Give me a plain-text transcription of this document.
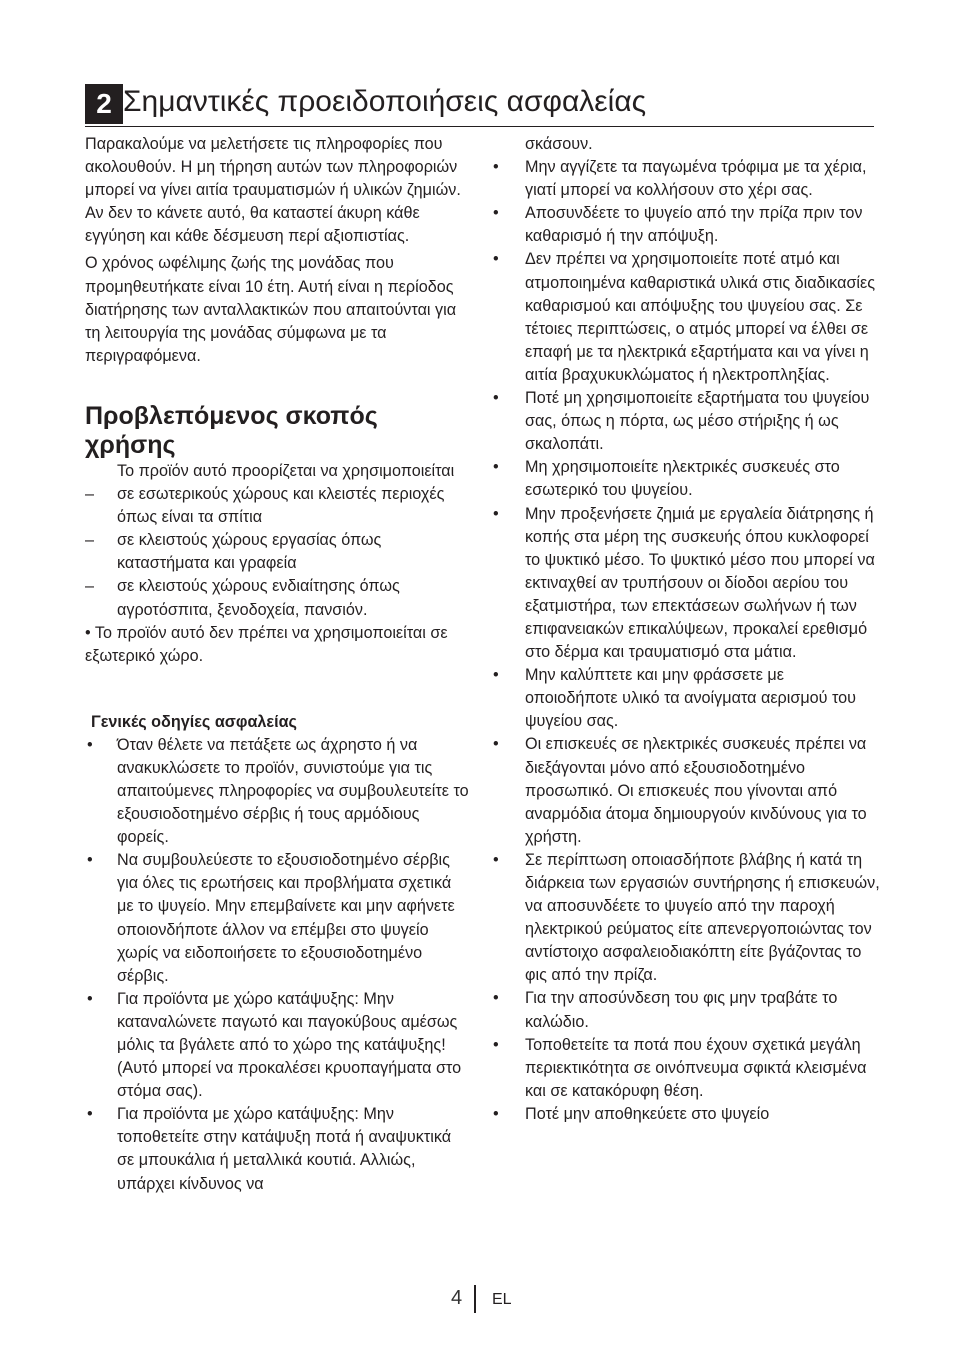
2 Σημαντικές προειδοποιήσεις ασφαλείας

Παρακαλούμε να μελετήσετε τις πληροφορίες που ακολουθούν. Η μη τήρηση αυτών των πληροφοριών μπορεί να γίνει αιτία τραυματισμών ή υλικών ζημιών. Αν δεν το κάνετε αυτό, θα καταστεί άκυρη κάθε εγγύηση και κάθε δέσμευση περί αξιοπιστίας.

Ο χρόνος ωφέλιμης ζωής της μονάδας που προμηθευτήκατε είναι 10 έτη. Αυτή είναι η περίοδος διατήρησης των ανταλλακτικών που απαιτούνται για τη λειτουργία της μονάδας σύμφωνα με τα περιγραφόμενα.

Προβλεπόμενος σκοπός χρήσης
Το προϊόν αυτό προορίζεται να χρησιμοποιείται
– σε εσωτερικούς χώρους και κλειστές περιοχές όπως είναι τα σπίτια
– σε κλειστούς χώρους εργασίας όπως καταστήματα και γραφεία
– σε κλειστούς χώρους ενδιαίτησης όπως αγροτόσπιτα, ξενοδοχεία, πανσιόν.

• Το προϊόν αυτό δεν πρέπει να χρησιμοποιείται σε εξωτερικό χώρο.

Γενικές οδηγίες ασφαλείας
• Όταν θέλετε να πετάξετε ως άχρηστο ή να ανακυκλώσετε το προϊόν, συνιστούμε για τις απαιτούμενες πληροφορίες να συμβουλευτείτε το εξουσιοδοτημένο σέρβις ή τους αρμόδιους φορείς.
• Να συμβουλεύεστε το εξουσιοδοτημένο σέρβις για όλες τις ερωτήσεις και προβλήματα σχετικά με το ψυγείο. Μην επεμβαίνετε και μην αφήνετε οποιονδήποτε άλλον να επέμβει στο ψυγείο χωρίς να ειδοποιήσετε το εξουσιοδοτημένο σέρβις.
• Για προϊόντα με χώρο κατάψυξης: Μην καταναλώνετε παγωτό και παγοκύβους αμέσως μόλις τα βγάλετε από το χώρο της κατάψυξης! (Αυτό μπορεί να προκαλέσει κρυοπαγήματα στο στόμα σας).
• Για προϊόντα με χώρο κατάψυξης: Μην τοποθετείτε στην κατάψυξη ποτά ή αναψυκτικά σε μπουκάλια ή μεταλλικά κουτιά. Αλλιώς, υπάρχει κίνδυνος να
σκάσουν.
• Μην αγγίζετε τα παγωμένα τρόφιμα με τα χέρια, γιατί μπορεί να κολλήσουν στο χέρι σας.
• Αποσυνδέετε το ψυγείο από την πρίζα πριν τον καθαρισμό ή την απόψυξη.
• Δεν πρέπει να χρησιμοποιείτε ποτέ ατμό και ατμοποιημένα καθαριστικά υλικά στις διαδικασίες καθαρισμού και απόψυξης του ψυγείου σας. Σε τέτοιες περιπτώσεις, ο ατμός μπορεί να έλθει σε επαφή με τα ηλεκτρικά εξαρτήματα και να γίνει η αιτία βραχυκυκλώματος ή ηλεκτροπληξίας.
• Ποτέ μη χρησιμοποιείτε εξαρτήματα του ψυγείου σας, όπως η πόρτα, ως μέσο στήριξης ή ως σκαλοπάτι.
• Μη χρησιμοποιείτε ηλεκτρικές συσκευές στο εσωτερικό του ψυγείου.
• Μην προξενήσετε ζημιά με εργαλεία διάτρησης ή κοπής στα μέρη της συσκευής όπου κυκλοφορεί το ψυκτικό μέσο. Το ψυκτικό μέσο που μπορεί να εκτιναχθεί αν τρυπήσουν οι δίοδοι αερίου του εξατμιστήρα, των επεκτάσεων σωλήνων ή των επιφανειακών επικαλύψεων, προκαλεί ερεθισμό στο δέρμα και τραυματισμό στα μάτια.
• Μην καλύπτετε και μην φράσσετε με οποιοδήποτε υλικό τα ανοίγματα αερισμού του ψυγείου σας.
• Οι επισκευές σε ηλεκτρικές συσκευές πρέπει να διεξάγονται μόνο από εξουσιοδοτημένο προσωπικό. Οι επισκευές που γίνονται από αναρμόδια άτομα δημιουργούν κινδύνους για το χρήστη.
• Σε περίπτωση οποιασδήποτε βλάβης ή κατά τη διάρκεια των εργασιών συντήρησης ή επισκευών, να αποσυνδέετε το ψυγείο από την παροχή ηλεκτρικού ρεύματος είτε απενεργοποιώντας τον αντίστοιχο ασφαλειοδιακόπτη είτε βγάζοντας το φις από την πρίζα.
• Για την αποσύνδεση του φις μην τραβάτε το καλώδιο.
• Τοποθετείτε τα ποτά που έχουν σχετικά μεγάλη περιεκτικότητα σε οινόπνευμα σφικτά κλεισμένα και σε κατακόρυφη θέση.
• Ποτέ μην αποθηκεύετε στο ψυγείο
4 EL
